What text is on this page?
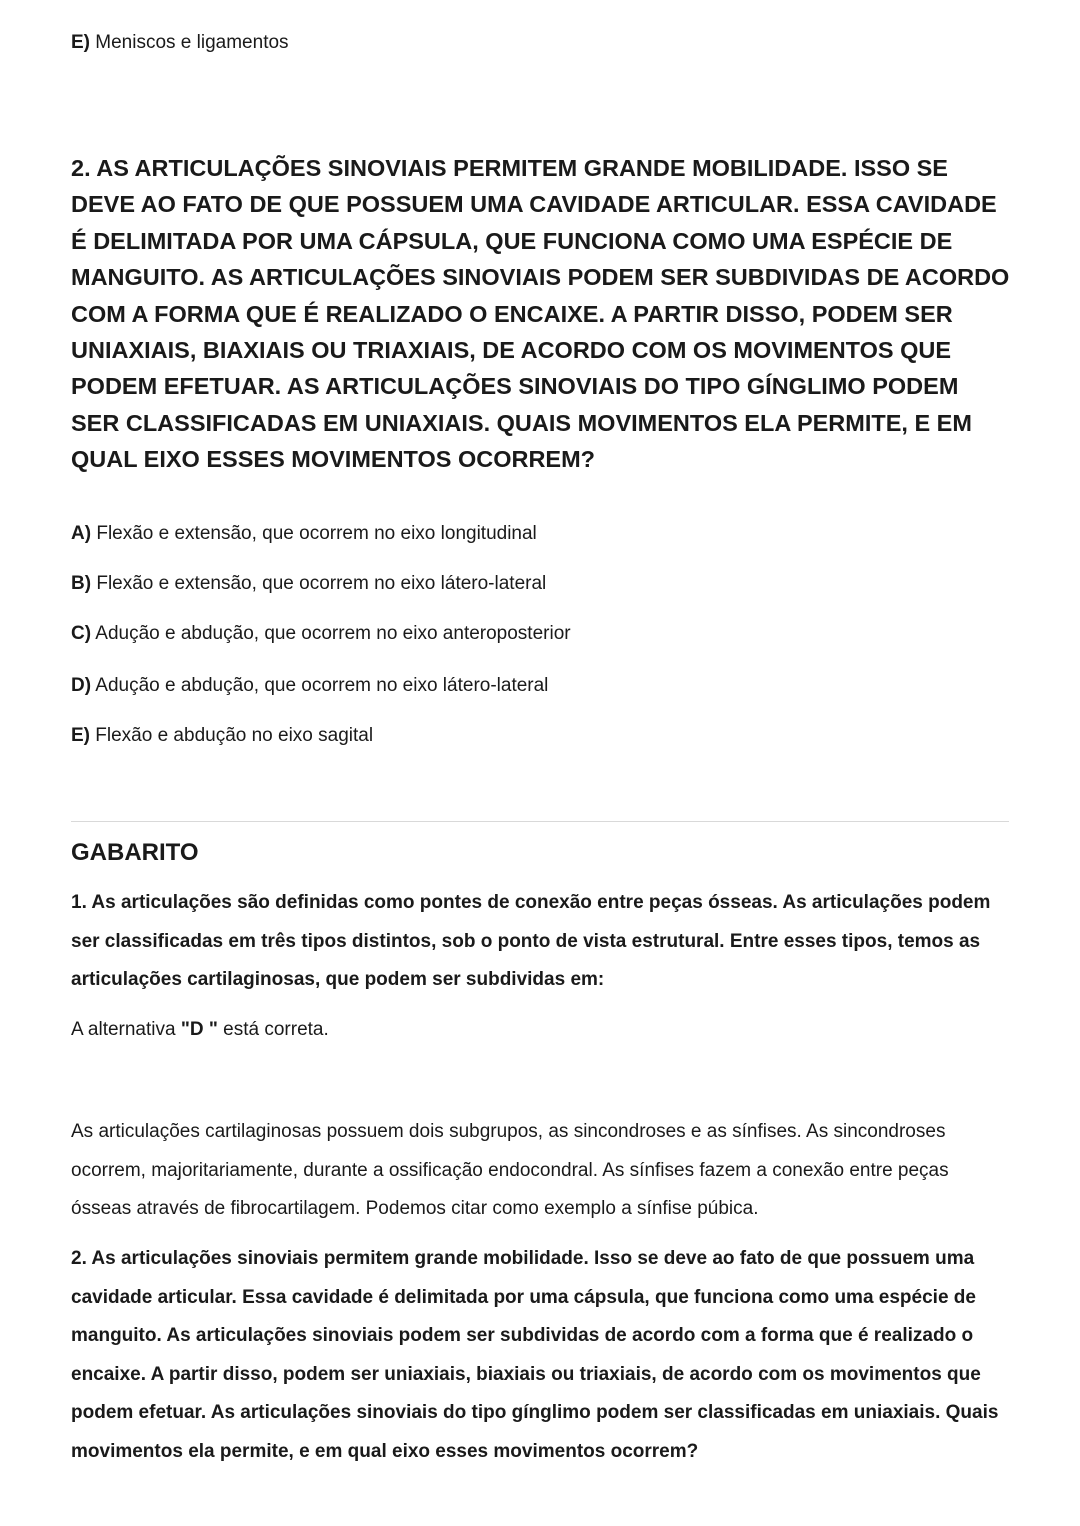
E) Meniscos e ligamentos

2. AS ARTICULAÇÕES SINOVIAIS PERMITEM GRANDE MOBILIDADE. ISSO SE DEVE AO FATO DE QUE POSSUEM UMA CAVIDADE ARTICULAR. ESSA CAVIDADE É DELIMITADA POR UMA CÁPSULA, QUE FUNCIONA COMO UMA ESPÉCIE DE MANGUITO. AS ARTICULAÇÕES SINOVIAIS PODEM SER SUBDIVIDAS DE ACORDO COM A FORMA QUE É REALIZADO O ENCAIXE. A PARTIR DISSO, PODEM SER UNIAXIAIS, BIAXIAIS OU TRIAXIAIS, DE ACORDO COM OS MOVIMENTOS QUE PODEM EFETUAR. AS ARTICULAÇÕES SINOVIAIS DO TIPO GÍNGLIMO PODEM SER CLASSIFICADAS EM UNIAXIAIS. QUAIS MOVIMENTOS ELA PERMITE, E EM QUAL EIXO ESSES MOVIMENTOS OCORREM?

A) Flexão e extensão, que ocorrem no eixo longitudinal

B) Flexão e extensão, que ocorrem no eixo látero-lateral

C) Adução e abdução, que ocorrem no eixo anteroposterior

D) Adução e abdução, que ocorrem no eixo látero-lateral

E) Flexão e abdução no eixo sagital

GABARITO

1. As articulações são definidas como pontes de conexão entre peças ósseas. As articulações podem ser classificadas em três tipos distintos, sob o ponto de vista estrutural. Entre esses tipos, temos as articulações cartilaginosas, que podem ser subdividas em:

A alternativa "D " está correta.

As articulações cartilaginosas possuem dois subgrupos, as sincondroses e as sínfises. As sincondroses ocorrem, majoritariamente, durante a ossificação endocondral. As sínfises fazem a conexão entre peças ósseas através de fibrocartilagem. Podemos citar como exemplo a sínfise púbica.

2. As articulações sinoviais permitem grande mobilidade. Isso se deve ao fato de que possuem uma cavidade articular. Essa cavidade é delimitada por uma cápsula, que funciona como uma espécie de manguito. As articulações sinoviais podem ser subdividas de acordo com a forma que é realizado o encaixe. A partir disso, podem ser uniaxiais, biaxiais ou triaxiais, de acordo com os movimentos que podem efetuar. As articulações sinoviais do tipo gínglimo podem ser classificadas em uniaxiais. Quais movimentos ela permite, e em qual eixo esses movimentos ocorrem?
